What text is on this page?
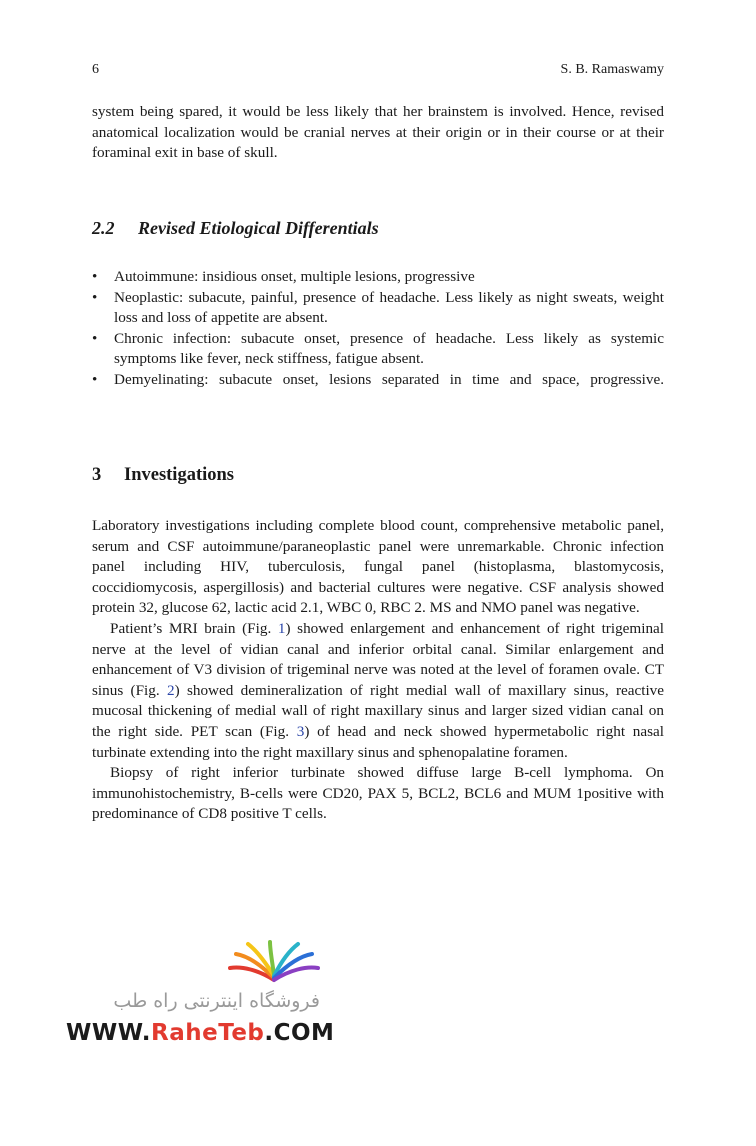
6	S. B. Ramaswamy

system being spared, it would be less likely that her brainstem is involved. Hence, revised anatomical localization would be cranial nerves at their origin or in their course or at their foraminal exit in base of skull.

2.2 Revised Etiological Differentials
• Autoimmune: insidious onset, multiple lesions, progressive
• Neoplastic: subacute, painful, presence of headache. Less likely as night sweats, weight loss and loss of appetite are absent.
• Chronic infection: subacute onset, presence of headache. Less likely as systemic symptoms like fever, neck stiffness, fatigue absent.
• Demyelinating: subacute onset, lesions separated in time and space, progressive.
3 Investigations

Laboratory investigations including complete blood count, comprehensive metabolic panel, serum and CSF autoimmune/paraneoplastic panel were unremarkable. Chronic infection panel including HIV, tuberculosis, fungal panel (histoplasma, blastomycosis, coccidiomycosis, aspergillosis) and bacterial cultures were negative. CSF analysis showed protein 32, glucose 62, lactic acid 2.1, WBC 0, RBC 2. MS and NMO panel was negative.

Patient’s MRI brain (Fig. 1) showed enlargement and enhancement of right trigeminal nerve at the level of vidian canal and inferior orbital canal. Similar enlargement and enhancement of V3 division of trigeminal nerve was noted at the level of foramen ovale. CT sinus (Fig. 2) showed demineralization of right medial wall of maxillary sinus, reactive mucosal thickening of medial wall of right maxillary sinus and larger sized vidian canal on the right side. PET scan (Fig. 3) of head and neck showed hypermetabolic right nasal turbinate extending into the right maxillary sinus and sphenopalatine foramen.

Biopsy of right inferior turbinate showed diffuse large B-cell lymphoma. On immunohistochemistry, B-cells were CD20, PAX 5, BCL2, BCL6 and MUM 1positive with predominance of CD8 positive T cells.

فروشگاه اینترنتی راه طب
WWW.RaheTeb.COM
